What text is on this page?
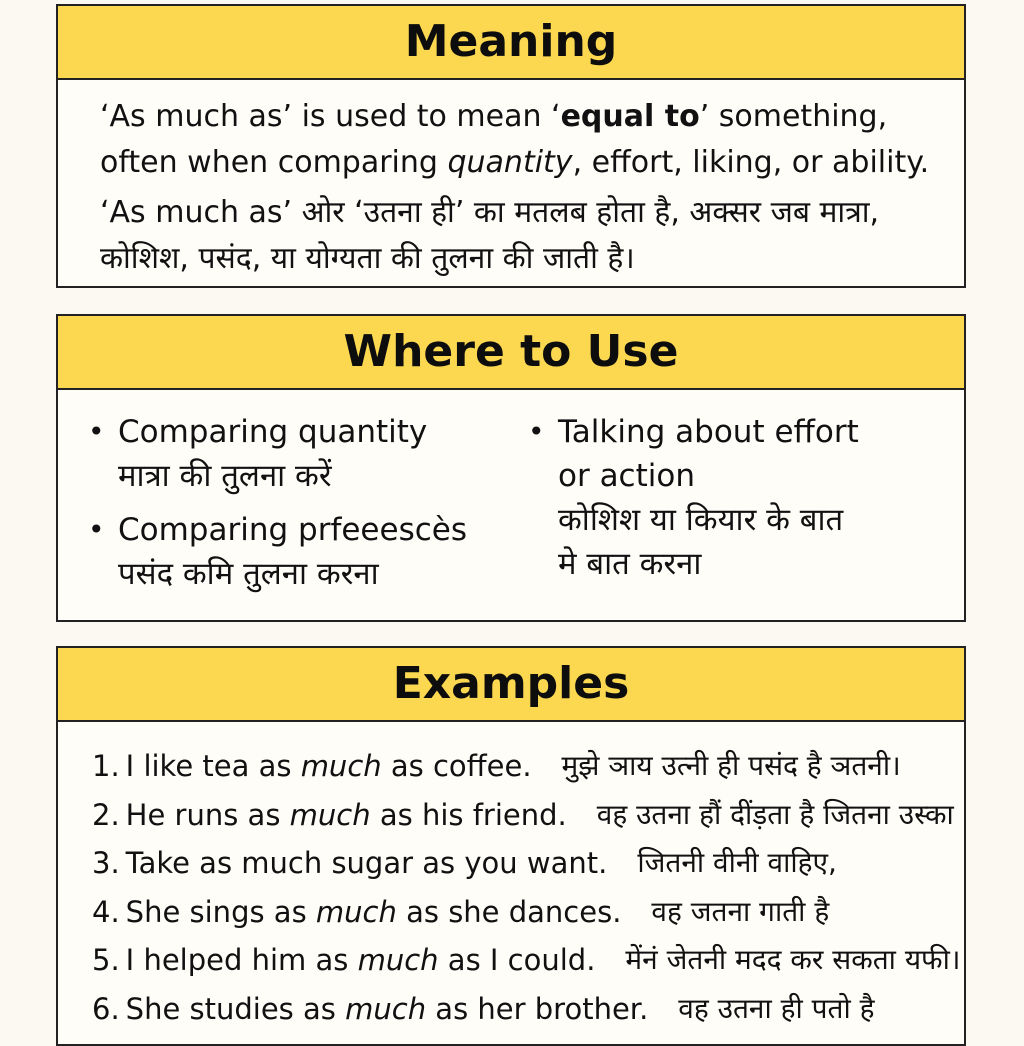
Meaning

‘As much as’ is used to mean ‘equal to’ something,

often when comparing quantity, effort, liking, or ability.

‘As much as’ ओर ‘उतना ही’ का मतलब होता है, अक्सर जब मात्रा,

कोशिश, पसंद, या योग्यता की तुलना की जाती है।

Where to Use
• Comparing quantity
मात्रा की तुलना करें
• Comparing prfeeescès
पसंद कमि तुलना करना
• Talking about effort
or action
कोशिश या कियार के बात
मे बात करना
Examples
1. I like tea as much as coffee. मुझे ञाय उत्नी ही पसंद है ञतनी।
2. He runs as much as his friend. वह उतना हौं दींड़ता है जितना उस्का
3. Take as much sugar as you want. जितनी वीनी वाहिए,
4. She sings as much as she dances. वह जतना गाती है
5. I helped him as much as I could. मेंनं जेतनी मदद कर सकता यफी।
6. She studies as much as her brother. वह उतना ही पतो है
